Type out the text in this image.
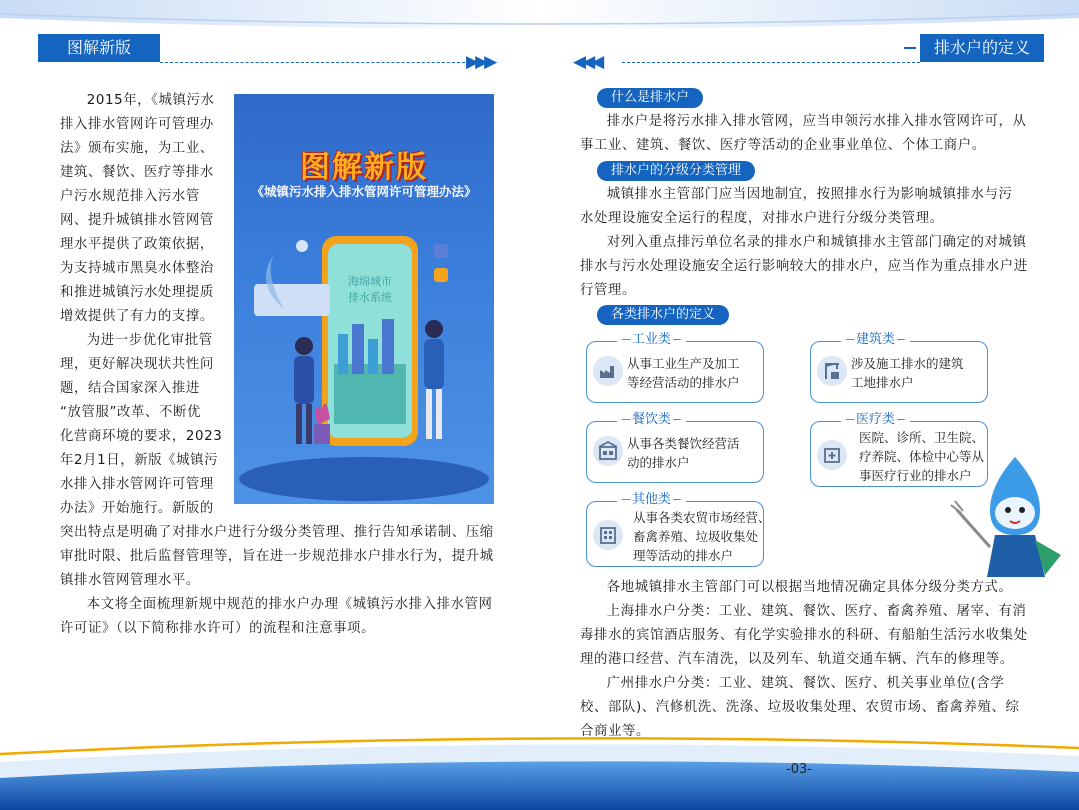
图解新版
▶▶▶	◀◀◀
排水户的定义
2015年，《城镇污水
排入排水管网许可管理办
法》颁布实施，为工业、
建筑、餐饮、医疗等排水
户污水规范排入污水管
网、提升城镇排水管网管
理水平提供了政策依据，
为支持城市黑臭水体整治
和推进城镇污水处理提质
增效提供了有力的支撑。
为进一步优化审批管
理，更好解决现状共性问
题，结合国家深入推进
“放管服”改革、不断优
化营商环境的要求，2023
年2月1日，新版《城镇污
水排入排水管网许可管理
办法》开始施行。新版的
突出特点是明确了对排水户进行分级分类管理、推行告知承诺制、压缩
审批时限、批后监督管理等，旨在进一步规范排水户排水行为，提升城
镇排水管网管理水平。
本文将全面梳理新规中规范的排水户办理《城镇污水排入排水管网
许可证》（以下简称排水许可）的流程和注意事项。
图解新版
《城镇污水排入排水管网许可管理办法》
海绵城市
排水系统
什么是排水户
排水户是将污水排入排水管网，应当申领污水排入排水管网许可，从
事工业、建筑、餐饮、医疗等活动的企业事业单位、个体工商户。
排水户的分级分类管理
城镇排水主管部门应当因地制宜，按照排水行为影响城镇排水与污
水处理设施安全运行的程度，对排水户进行分级分类管理。
对列入重点排污单位名录的排水户和城镇排水主管部门确定的对城镇
排水与污水处理设施安全运行影响较大的排水户，应当作为重点排水户进
行管理。
各类排水户的定义
工业类
从事工业生产及加工
等经营活动的排水户
建筑类
涉及施工排水的建筑
工地排水户
餐饮类
从事各类餐饮经营活
动的排水户
医疗类
医院、诊所、卫生院、
疗养院、体检中心等从
事医疗行业的排水户
其他类
从事各类农贸市场经营、
畜禽养殖、垃圾收集处
理等活动的排水户
各地城镇排水主管部门可以根据当地情况确定具体分级分类方式。
上海排水户分类：工业、建筑、餐饮、医疗、畜禽养殖、屠宰、有消
毒排水的宾馆酒店服务、有化学实验排水的科研、有船舶生活污水收集处
理的港口经营、汽车清洗，以及列车、轨道交通车辆、汽车的修理等。
广州排水户分类：工业、建筑、餐饮、医疗、机关事业单位(含学
校、部队)、汽修机洗、洗涤、垃圾收集处理、农贸市场、畜禽养殖、综
合商业等。
-03-
